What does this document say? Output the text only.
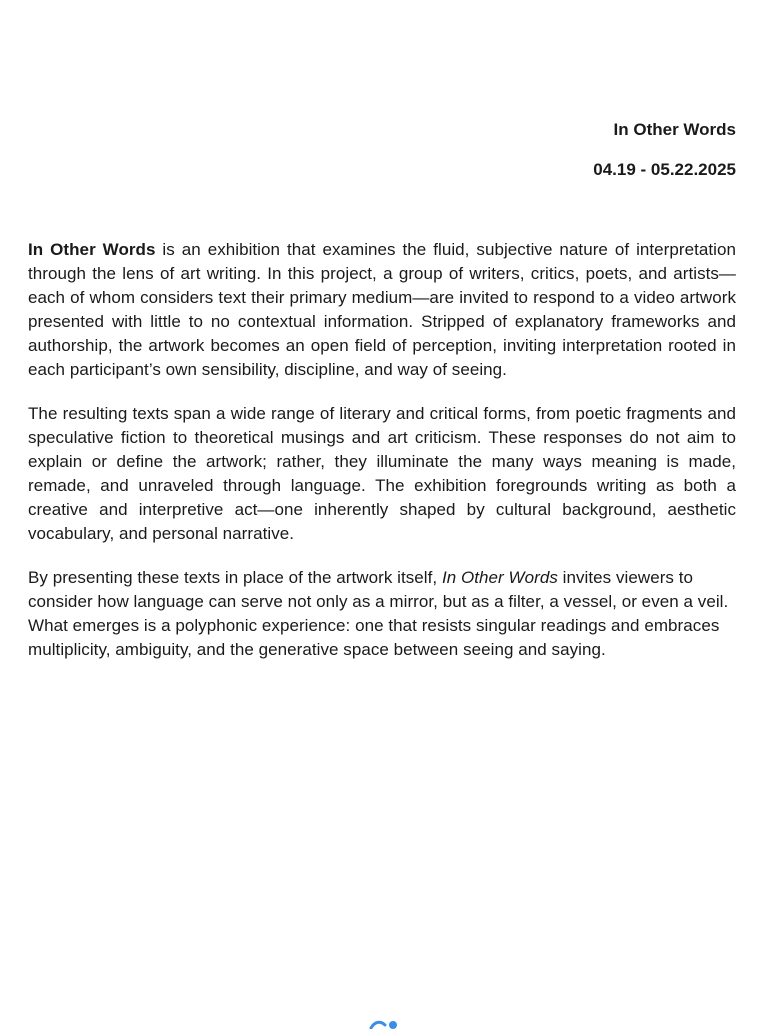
In Other Words

04.19 - 05.22.2025

In Other Words is an exhibition that examines the fluid, subjective nature of interpretation through the lens of art writing. In this project, a group of writers, critics, poets, and artists—each of whom considers text their primary medium—are invited to respond to a video artwork presented with little to no contextual information. Stripped of explanatory frameworks and authorship, the artwork becomes an open field of perception, inviting interpretation rooted in each participant’s own sensibility, discipline, and way of seeing.

The resulting texts span a wide range of literary and critical forms, from poetic fragments and speculative fiction to theoretical musings and art criticism. These responses do not aim to explain or define the artwork; rather, they illuminate the many ways meaning is made, remade, and unraveled through language. The exhibition foregrounds writing as both a creative and interpretive act—one inherently shaped by cultural background, aesthetic vocabulary, and personal narrative.

By presenting these texts in place of the artwork itself, In Other Words invites viewers to consider how language can serve not only as a mirror, but as a filter, a vessel, or even a veil. What emerges is a polyphonic experience: one that resists singular readings and embraces multiplicity, ambiguity, and the generative space between seeing and saying.
